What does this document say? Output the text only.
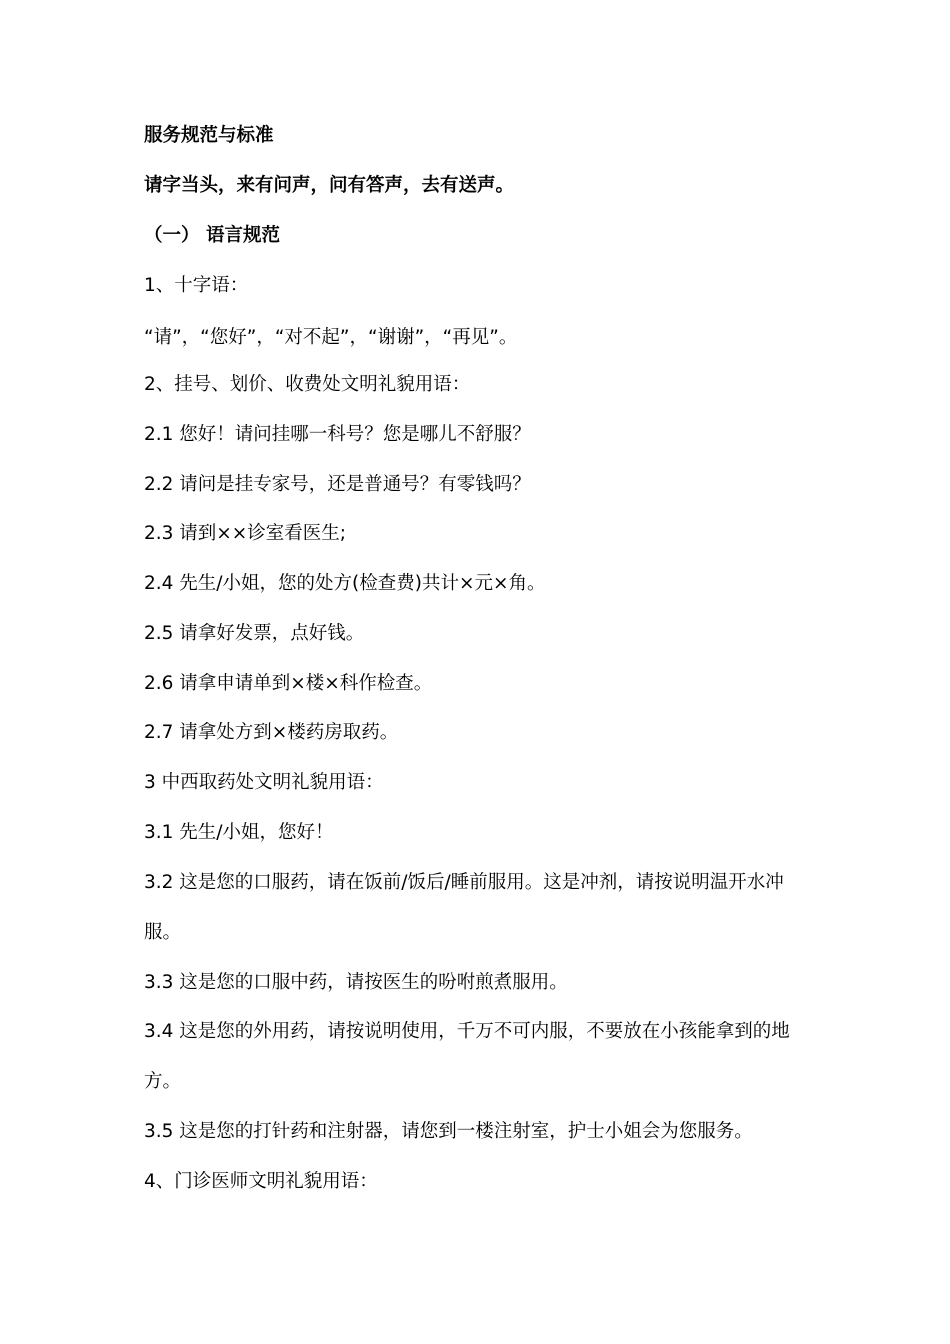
服务规范与标准
请字当头，来有问声，问有答声，去有送声。
（一） 语言规范
1、十字语：
“请”，“您好”，“对不起”，“谢谢”，“再见”。
2、挂号、划价、收费处文明礼貌用语：
2.1 您好！请问挂哪一科号？您是哪儿不舒服？
2.2 请问是挂专家号，还是普通号？有零钱吗？
2.3 请到××诊室看医生;
2.4 先生/小姐，您的处方(检查费)共计×元×角。
2.5 请拿好发票，点好钱。
2.6 请拿申请单到×楼×科作检查。
2.7 请拿处方到×楼药房取药。
3 中西取药处文明礼貌用语：
3.1 先生/小姐，您好！
3.2 这是您的口服药，请在饭前/饭后/睡前服用。这是冲剂，请按说明温开水冲
服。
3.3 这是您的口服中药，请按医生的吩咐煎煮服用。
3.4 这是您的外用药，请按说明使用，千万不可内服，不要放在小孩能拿到的地
方。
3.5 这是您的打针药和注射器，请您到一楼注射室，护士小姐会为您服务。
4、门诊医师文明礼貌用语：
